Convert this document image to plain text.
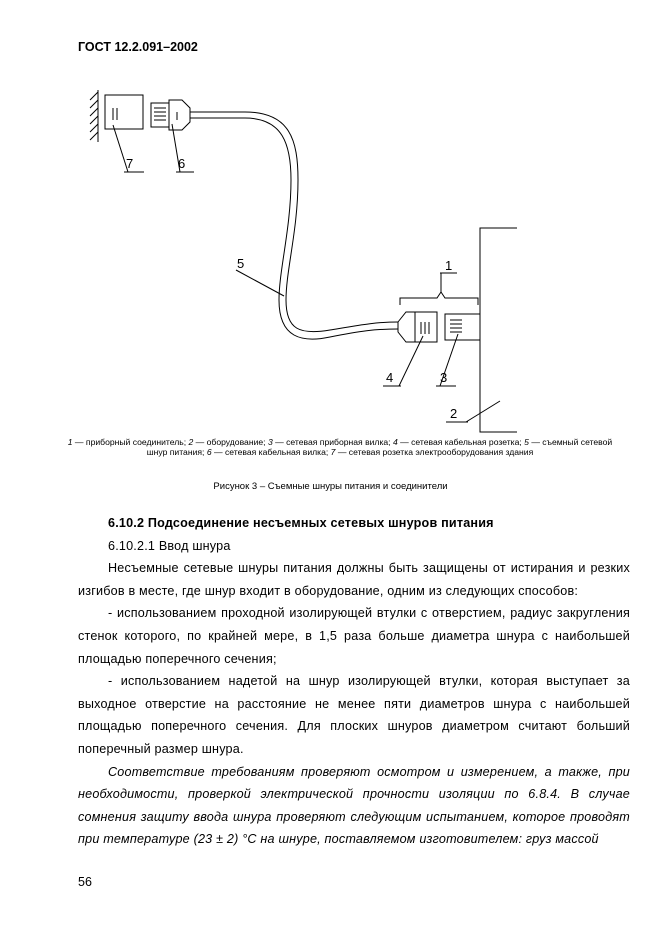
ГОСТ 12.2.091–2002
7	6
5	1
4	3
2
1 — приборный соединитель; 2 — оборудование; 3 — сетевая приборная вилка; 4 — сетевая кабельная розетка; 5 — съемный сетевой шнур питания; 6 — сетевая кабельная вилка; 7 — сетевая розетка электрооборудования здания
Рисунок 3 – Съемные шнуры питания и соединители

6.10.2 Подсоединение несъемных сетевых шнуров питания

6.10.2.1 Ввод шнура

Несъемные сетевые шнуры питания должны быть защищены от истирания и резких изгибов в месте, где шнур входит в оборудование, одним из следующих способов:

- использованием проходной изолирующей втулки с отверстием, радиус закругления стенок которого, по крайней мере, в 1,5 раза больше диаметра шнура с наибольшей площадью поперечного сечения;

- использованием надетой на шнур изолирующей втулки, которая выступает за выходное отверстие на расстояние не менее пяти диаметров шнура с наибольшей площадью поперечного сечения. Для плоских шнуров диаметром считают больший поперечный размер шнура.

Соответствие требованиям проверяют осмотром и измерением, а также, при необходимости, проверкой электрической прочности изоляции по 6.8.4. В случае сомнения защиту ввода шнура проверяют следующим испытанием, которое проводят при температуре (23 ± 2) °С на шнуре, поставляемом изготовителем: груз массой

56
